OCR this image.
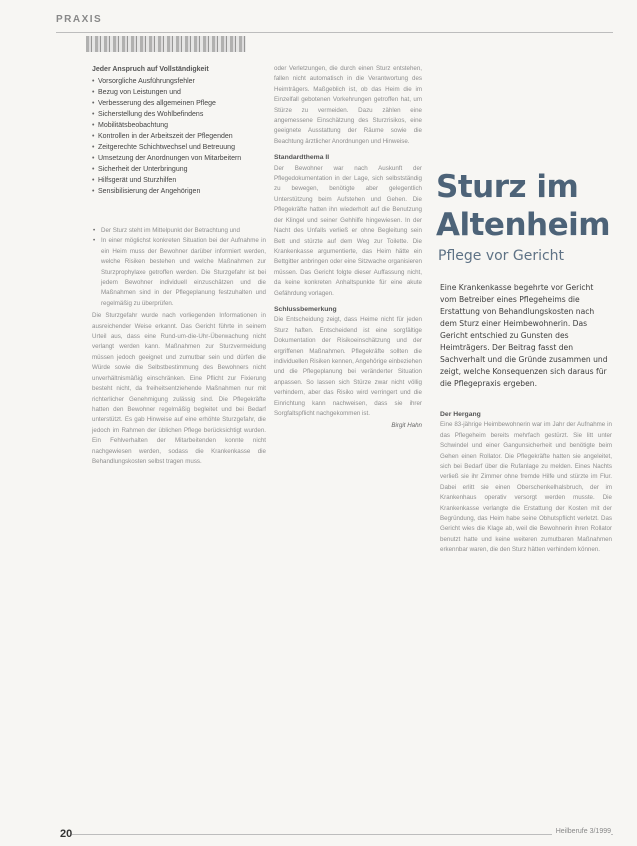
PRAXIS
Jeder Anspruch auf Vollständigkeit
• Vorsorgliche Ausführungsfehler
• Bezug von Leistungen und
• Verbesserung des allgemeinen Pflege
• Sicherstellung des Wohlbefindens
• Mobilitätsbeobachtung
• Kontrollen in der Arbeitszeit der Pflegenden
• Zeitgerechte Schichtwechsel und Betreuung
• Umsetzung der Anordnungen von Mitarbeitern
• Sicherheit der Unterbringung
• Hilfsgerät und Sturzhilfen
• Sensibilisierung der Angehörigen
• Der Sturz steht im Mittelpunkt der Betrachtung und
• In einer möglichst konkreten Situation bei der Aufnahme in ein Heim muss der Bewohner darüber informiert werden, welche Risiken bestehen und welche Maßnahmen zur Sturzprophylaxe getroffen werden. Die Sturzgefahr ist bei jedem Bewohner individuell einzuschätzen und die Maßnahmen sind in der Pflegeplanung festzuhalten und regelmäßig zu überprüfen.

Die Sturzgefahr wurde nach vorliegenden Informationen in ausreichender Weise erkannt. Das Gericht führte in seinem Urteil aus, dass eine Rund-um-die-Uhr-Überwachung nicht verlangt werden kann. Maßnahmen zur Sturzvermeidung müssen jedoch geeignet und zumutbar sein und dürfen die Würde sowie die Selbstbestimmung des Bewohners nicht unverhältnismäßig einschränken. Eine Pflicht zur Fixierung besteht nicht, da freiheitsentziehende Maßnahmen nur mit richterlicher Genehmigung zulässig sind. Die Pflegekräfte hatten den Bewohner regelmäßig begleitet und bei Bedarf unterstützt. Es gab Hinweise auf eine erhöhte Sturzgefahr, die jedoch im Rahmen der üblichen Pflege berücksichtigt wurden. Ein Fehlverhalten der Mitarbeitenden konnte nicht nachgewiesen werden, sodass die Krankenkasse die Behandlungskosten selbst tragen muss.

oder Verletzungen, die durch einen Sturz entstehen, fallen nicht automatisch in die Verantwortung des Heimträgers. Maßgeblich ist, ob das Heim die im Einzelfall gebotenen Vorkehrungen getroffen hat, um Stürze zu vermeiden. Dazu zählen eine angemessene Einschätzung des Sturzrisikos, eine geeignete Ausstattung der Räume sowie die Beachtung ärztlicher Anordnungen und Hinweise.

Standardthema II

Der Bewohner war nach Auskunft der Pflegedokumentation in der Lage, sich selbstständig zu bewegen, benötigte aber gelegentlich Unterstützung beim Aufstehen und Gehen. Die Pflegekräfte hatten ihn wiederholt auf die Benutzung der Klingel und seiner Gehhilfe hingewiesen. In der Nacht des Unfalls verließ er ohne Begleitung sein Bett und stürzte auf dem Weg zur Toilette. Die Krankenkasse argumentierte, das Heim hätte ein Bettgitter anbringen oder eine Sitzwache organisieren müssen. Das Gericht folgte dieser Auffassung nicht, da keine konkreten Anhaltspunkte für eine akute Gefährdung vorlagen.

Schlussbemerkung

Die Entscheidung zeigt, dass Heime nicht für jeden Sturz haften. Entscheidend ist eine sorgfältige Dokumentation der Risikoeinschätzung und der ergriffenen Maßnahmen. Pflegekräfte sollten die individuellen Risiken kennen, Angehörige einbeziehen und die Pflegeplanung bei veränderter Situation anpassen. So lassen sich Stürze zwar nicht völlig verhindern, aber das Risiko wird verringert und die Einrichtung kann nachweisen, dass sie ihrer Sorgfaltspflicht nachgekommen ist.

Birgit Hahn
Sturz im Altenheim
Pflege vor Gericht
Eine Krankenkasse begehrte vor Gericht vom Betreiber eines Pflegeheims die Erstattung von Behandlungskosten nach dem Sturz einer Heimbewohnerin. Das Gericht entschied zu Gunsten des Heimträgers. Der Beitrag fasst den Sachverhalt und die Gründe zusammen und zeigt, welche Konsequenzen sich daraus für die Pflegepraxis ergeben.
Der Hergang

Eine 83-jährige Heimbewohnerin war im Jahr der Aufnahme in das Pflegeheim bereits mehrfach gestürzt. Sie litt unter Schwindel und einer Gangunsicherheit und benötigte beim Gehen einen Rollator. Die Pflegekräfte hatten sie angeleitet, sich bei Bedarf über die Rufanlage zu melden. Eines Nachts verließ sie ihr Zimmer ohne fremde Hilfe und stürzte im Flur. Dabei erlitt sie einen Oberschenkelhalsbruch, der im Krankenhaus operativ versorgt werden musste. Die Krankenkasse verlangte die Erstattung der Kosten mit der Begründung, das Heim habe seine Obhutspflicht verletzt. Das Gericht wies die Klage ab, weil die Bewohnerin ihren Rollator benutzt hatte und keine weiteren zumutbaren Maßnahmen erkennbar waren, die den Sturz hätten verhindern können.

20	Heilberufe 3/1999
